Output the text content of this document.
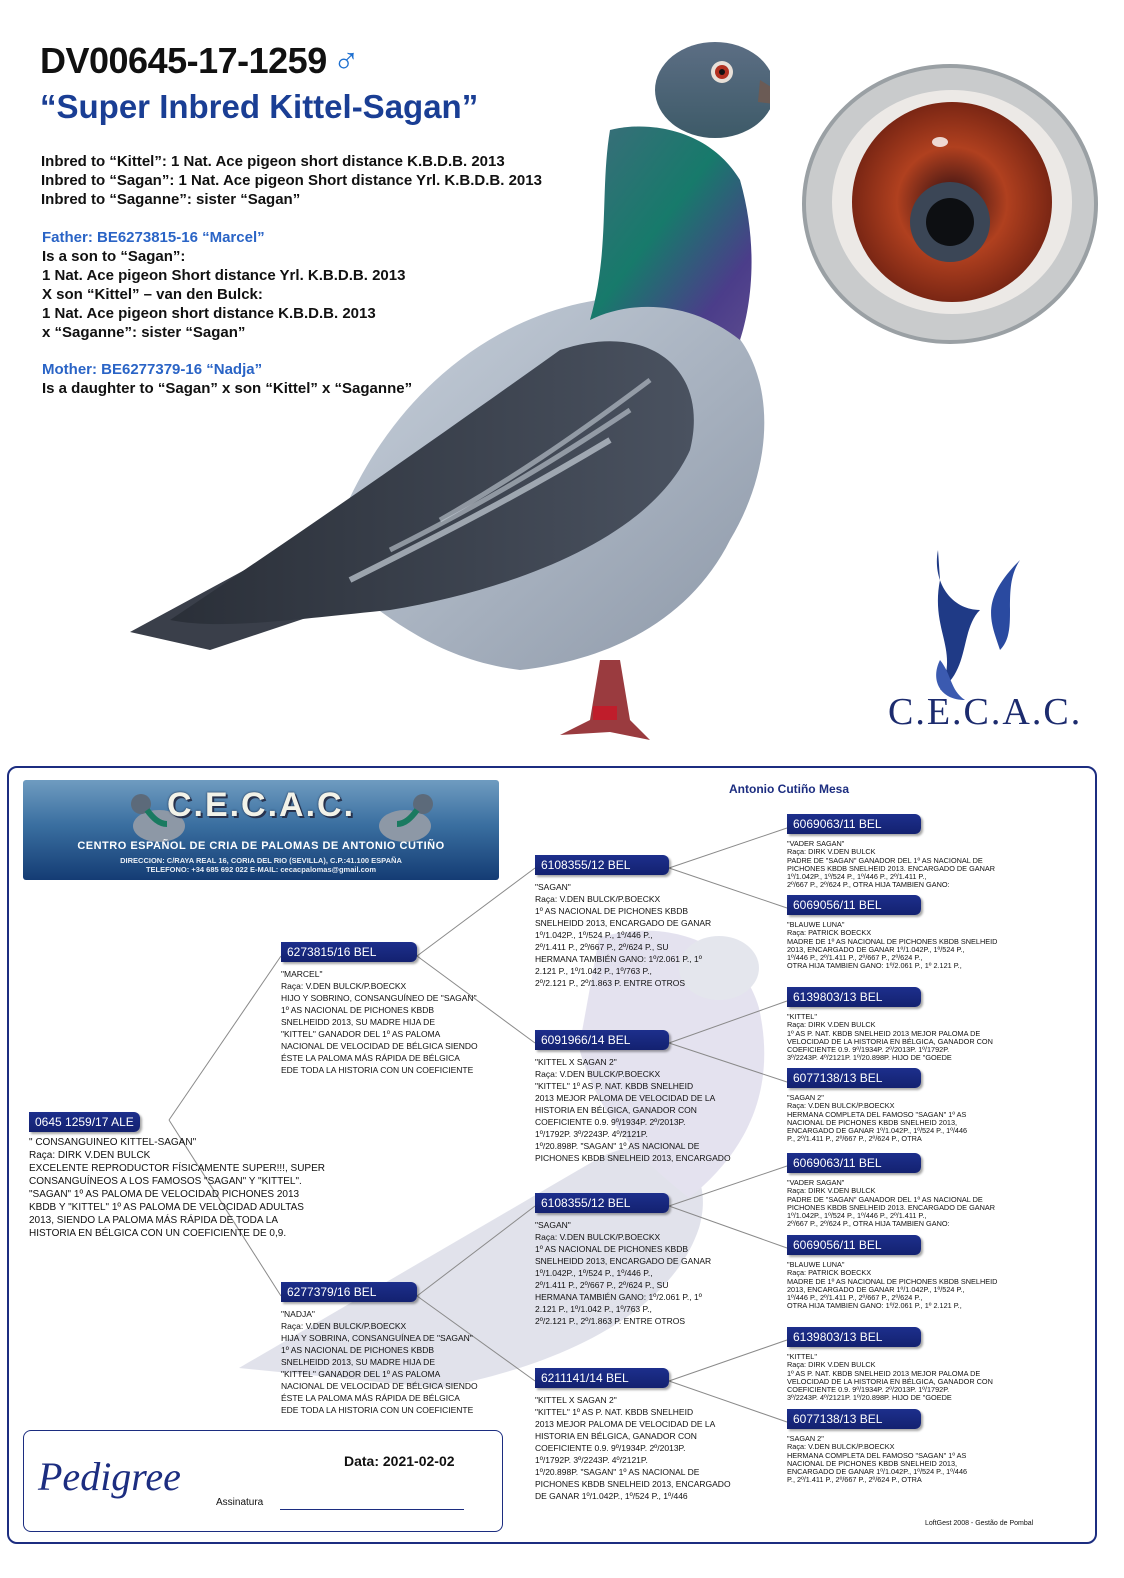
DV00645-17-1259 ♂
“Super Inbred Kittel-Sagan”
Inbred to “Kittel”: 1 Nat. Ace pigeon short distance K.B.D.B. 2013
Inbred to “Sagan”: 1 Nat. Ace pigeon Short distance Yrl. K.B.D.B. 2013
Inbred to “Saganne”: sister “Sagan”
Father: BE6273815-16 “Marcel”
Is a son to “Sagan”:
1 Nat. Ace pigeon Short distance Yrl. K.B.D.B. 2013
X son “Kittel” – van den Bulck:
1 Nat. Ace pigeon short distance K.B.D.B. 2013
x “Saganne”: sister “Sagan”
Mother: BE6277379-16 “Nadja”
Is a daughter to “Sagan” x son “Kittel” x “Saganne”
C.E.C.A.C.
Antonio Cutiño Mesa
C.E.C.A.C.
CENTRO ESPAÑOL DE CRIA DE PALOMAS DE ANTONIO CUTIÑO
DIRECCION: C/RAYA REAL 16, CORIA DEL RIO (SEVILLA), C.P.:41.100 ESPAÑA
TELEFONO: +34 685 692 022 E-MAIL: cecacpalomas@gmail.com
0645 1259/17 ALE
" CONSANGUINEO KITTEL-SAGAN"
Raça: DIRK V.DEN BULCK
EXCELENTE REPRODUCTOR FÍSICAMENTE SUPER!!!, SUPER
CONSANGUÍNEOS A LOS FAMOSOS "SAGAN" Y "KITTEL".
"SAGAN" 1º AS PALOMA DE VELOCIDAD PICHONES 2013
KBDB Y "KITTEL" 1º AS PALOMA DE VELOCIDAD ADULTAS
2013, SIENDO LA PALOMA MÁS RÁPIDA DE TODA LA
HISTORIA EN BÉLGICA CON UN COEFICIENTE DE 0,9.
6273815/16 BEL
"MARCEL"
Raça: V.DEN BULCK/P.BOECKX
HIJO Y SOBRINO, CONSANGUÍNEO DE "SAGAN"
1º AS NACIONAL DE PICHONES KBDB
SNELHEIDD 2013, SU MADRE HIJA DE
"KITTEL" GANADOR DEL 1º AS PALOMA
NACIONAL DE VELOCIDAD DE BÉLGICA SIENDO
ÉSTE LA PALOMA MÁS RÁPIDA DE BÉLGICA
EDE TODA LA HISTORIA CON UN COEFICIENTE
6277379/16 BEL
"NADJA"
Raça: V.DEN BULCK/P.BOECKX
HIJA Y SOBRINA, CONSANGUÍNEA DE "SAGAN"
1º AS NACIONAL DE PICHONES KBDB
SNELHEIDD 2013, SU MADRE HIJA DE
"KITTEL" GANADOR DEL 1º AS PALOMA
NACIONAL DE VELOCIDAD DE BÉLGICA SIENDO
ÉSTE LA PALOMA MÁS RÁPIDA DE BÉLGICA
EDE TODA LA HISTORIA CON UN COEFICIENTE
6108355/12 BEL
"SAGAN"
Raça: V.DEN BULCK/P.BOECKX
1º AS NACIONAL DE PICHONES KBDB
SNELHEIDD 2013, ENCARGADO DE GANAR
1º/1.042P., 1º/524 P., 1º/446 P.,
2º/1.411 P., 2º/667 P., 2º/624 P., SU
HERMANA TAMBIÉN GANO: 1º/2.061 P., 1º
2.121 P., 1º/1.042 P., 1º/763 P.,
2º/2.121 P., 2º/1.863 P. ENTRE OTROS
6091966/14 BEL
"KITTEL X SAGAN 2"
Raça: V.DEN BULCK/P.BOECKX
"KITTEL" 1º AS P. NAT. KBDB SNELHEID
2013 MEJOR PALOMA DE VELOCIDAD DE LA
HISTORIA EN BÉLGICA, GANADOR CON
COEFICIENTE 0.9. 9º/1934P. 2º/2013P.
1º/1792P. 3º/2243P. 4º/2121P.
1º/20.898P. "SAGAN" 1º AS NACIONAL DE
PICHONES KBDB SNELHEID 2013, ENCARGADO
6108355/12 BEL
"SAGAN"
Raça: V.DEN BULCK/P.BOECKX
1º AS NACIONAL DE PICHONES KBDB
SNELHEIDD 2013, ENCARGADO DE GANAR
1º/1.042P., 1º/524 P., 1º/446 P.,
2º/1.411 P., 2º/667 P., 2º/624 P., SU
HERMANA TAMBIÉN GANO: 1º/2.061 P., 1º
2.121 P., 1º/1.042 P., 1º/763 P.,
2º/2.121 P., 2º/1.863 P. ENTRE OTROS
6211141/14 BEL
"KITTEL X SAGAN 2"
"KITTEL" 1º AS P. NAT. KBDB SNELHEID
2013 MEJOR PALOMA DE VELOCIDAD DE LA
HISTORIA EN BÉLGICA, GANADOR CON
COEFICIENTE 0.9. 9º/1934P. 2º/2013P.
1º/1792P. 3º/2243P. 4º/2121P.
1º/20.898P. "SAGAN" 1º AS NACIONAL DE
PICHONES KBDB SNELHEID 2013, ENCARGADO
DE GANAR 1º/1.042P., 1º/524 P., 1º/446
6069063/11 BEL
"VADER SAGAN"
Raça: DIRK V.DEN BULCK
PADRE DE "SAGAN" GANADOR DEL 1º AS NACIONAL DE
PICHONES KBDB SNELHEID 2013. ENCARGADO DE GANAR
1º/1.042P., 1º/524 P., 1º/446 P., 2º/1.411 P.,
2º/667 P., 2º/624 P., OTRA HIJA TAMBIEN GANO:
6069056/11 BEL
"BLAUWE LUNA"
Raça: PATRICK BOECKX
MADRE DE 1º AS NACIONAL DE PICHONES KBDB SNELHEID
2013, ENCARGADO DE GANAR 1º/1.042P., 1º/524 P.,
1º/446 P., 2º/1.411 P., 2º/667 P., 2º/624 P.,
OTRA HIJA TAMBIEN GANO: 1º/2.061 P., 1º 2.121 P.,
6139803/13 BEL
"KITTEL"
Raça: DIRK V.DEN BULCK
1º AS P. NAT. KBDB SNELHEID 2013 MEJOR PALOMA DE
VELOCIDAD DE LA HISTORIA EN BÉLGICA, GANADOR CON
COEFICIENTE 0.9. 9º/1934P. 2º/2013P. 1º/1792P.
3º/2243P. 4º/2121P. 1º/20.898P. HIJO DE "GOEDE
6077138/13 BEL
"SAGAN 2"
Raça: V.DEN BULCK/P.BOECKX
HERMANA COMPLETA DEL FAMOSO "SAGAN" 1º AS
NACIONAL DE PICHONES KBDB SNELHEID 2013,
ENCARGADO DE GANAR 1º/1.042P., 1º/524 P., 1º/446
P., 2º/1.411 P., 2º/667 P., 2º/624 P., OTRA
6069063/11 BEL
"VADER SAGAN"
Raça: DIRK V.DEN BULCK
PADRE DE "SAGAN" GANADOR DEL 1º AS NACIONAL DE
PICHONES KBDB SNELHEID 2013. ENCARGADO DE GANAR
1º/1.042P., 1º/524 P., 1º/446 P., 2º/1.411 P.,
2º/667 P., 2º/624 P., OTRA HIJA TAMBIEN GANO:
6069056/11 BEL
"BLAUWE LUNA"
Raça: PATRICK BOECKX
MADRE DE 1º AS NACIONAL DE PICHONES KBDB SNELHEID
2013, ENCARGADO DE GANAR 1º/1.042P., 1º/524 P.,
1º/446 P., 2º/1.411 P., 2º/667 P., 2º/624 P.,
OTRA HIJA TAMBIEN GANO: 1º/2.061 P., 1º 2.121 P.,
6139803/13 BEL
"KITTEL"
Raça: DIRK V.DEN BULCK
1º AS P. NAT. KBDB SNELHEID 2013 MEJOR PALOMA DE
VELOCIDAD DE LA HISTORIA EN BÉLGICA, GANADOR CON
COEFICIENTE 0.9. 9º/1934P. 2º/2013P. 1º/1792P.
3º/2243P. 4º/2121P. 1º/20.898P. HIJO DE "GOEDE
6077138/13 BEL
"SAGAN 2"
Raça: V.DEN BULCK/P.BOECKX
HERMANA COMPLETA DEL FAMOSO "SAGAN" 1º AS
NACIONAL DE PICHONES KBDB SNELHEID 2013,
ENCARGADO DE GANAR 1º/1.042P., 1º/524 P., 1º/446
P., 2º/1.411 P., 2º/667 P., 2º/624 P., OTRA
Pedigree	Data: 2021-02-02
Assinatura
LoftGest 2008 - Gestão de Pombal
